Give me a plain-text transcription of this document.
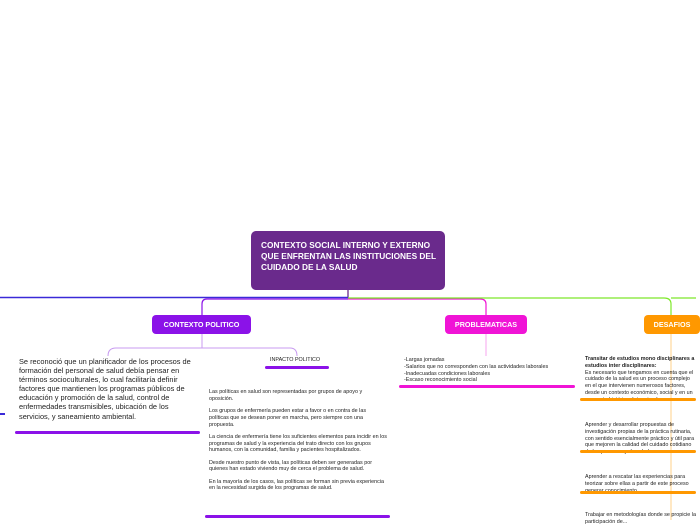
CONTEXTO SOCIAL INTERNO Y EXTERNO QUE ENFRENTAN LAS INSTITUCIONES DEL CUIDADO DE LA SALUD
CONTEXTO POLITICO
Se reconoció que un planificador de los procesos de formación del personal de salud debía pensar en términos socioculturales, lo cual facilitaría definir factores que mantienen los programas públicos de educación y promoción de la salud, control de enfermedades transmisibles, ubicación de los servicios, y saneamiento ambiental.
INPACTO POLITICO

Las políticas en salud son representadas por grupos de apoyo y oposición.

Los grupos de enfermería pueden estar a favor o en contra de las políticas que se desean poner en marcha, pero siempre con una propuesta.

La ciencia de enfermería tiene los suficientes elementos para incidir en los programas de salud y la experiencia del trato directo con los grupos humanos, con la comunidad, familia y pacientes hospitalizados.

Desde nuestro punto de vista, las políticas deben ser generadas por quienes han estado viviendo muy de cerca el problema de salud.

En la mayoría de los casos, las políticas se forman sin previa experiencia en la necesidad surgida de los programas de salud.

PROBLEMATICAS
-Largas jornadas
-Salarios que no corresponden con las actividades laborales
-Inadecuadas condiciones laborales
-Escaso reconocimiento social
DESAFIOS
Transitar de estudios mono disciplinares a estudios inter disciplinares:
Es necesario que tengamos en cuenta que el cuidado de la salud es un proceso complejo en el que intervienen numerosos factores, desde un contexto económico, social y en un
Aprender y desarrollar propuestas de investigación propias de la práctica rutinaria, con sentido esencialmente práctico y útil para que mejoren la calidad del cuidado cotidiano
Aprender a rescatar las experiencias para teorizar sobre ellas a partir de este proceso
Trabajar en metodologías donde se propicie la participación de...
